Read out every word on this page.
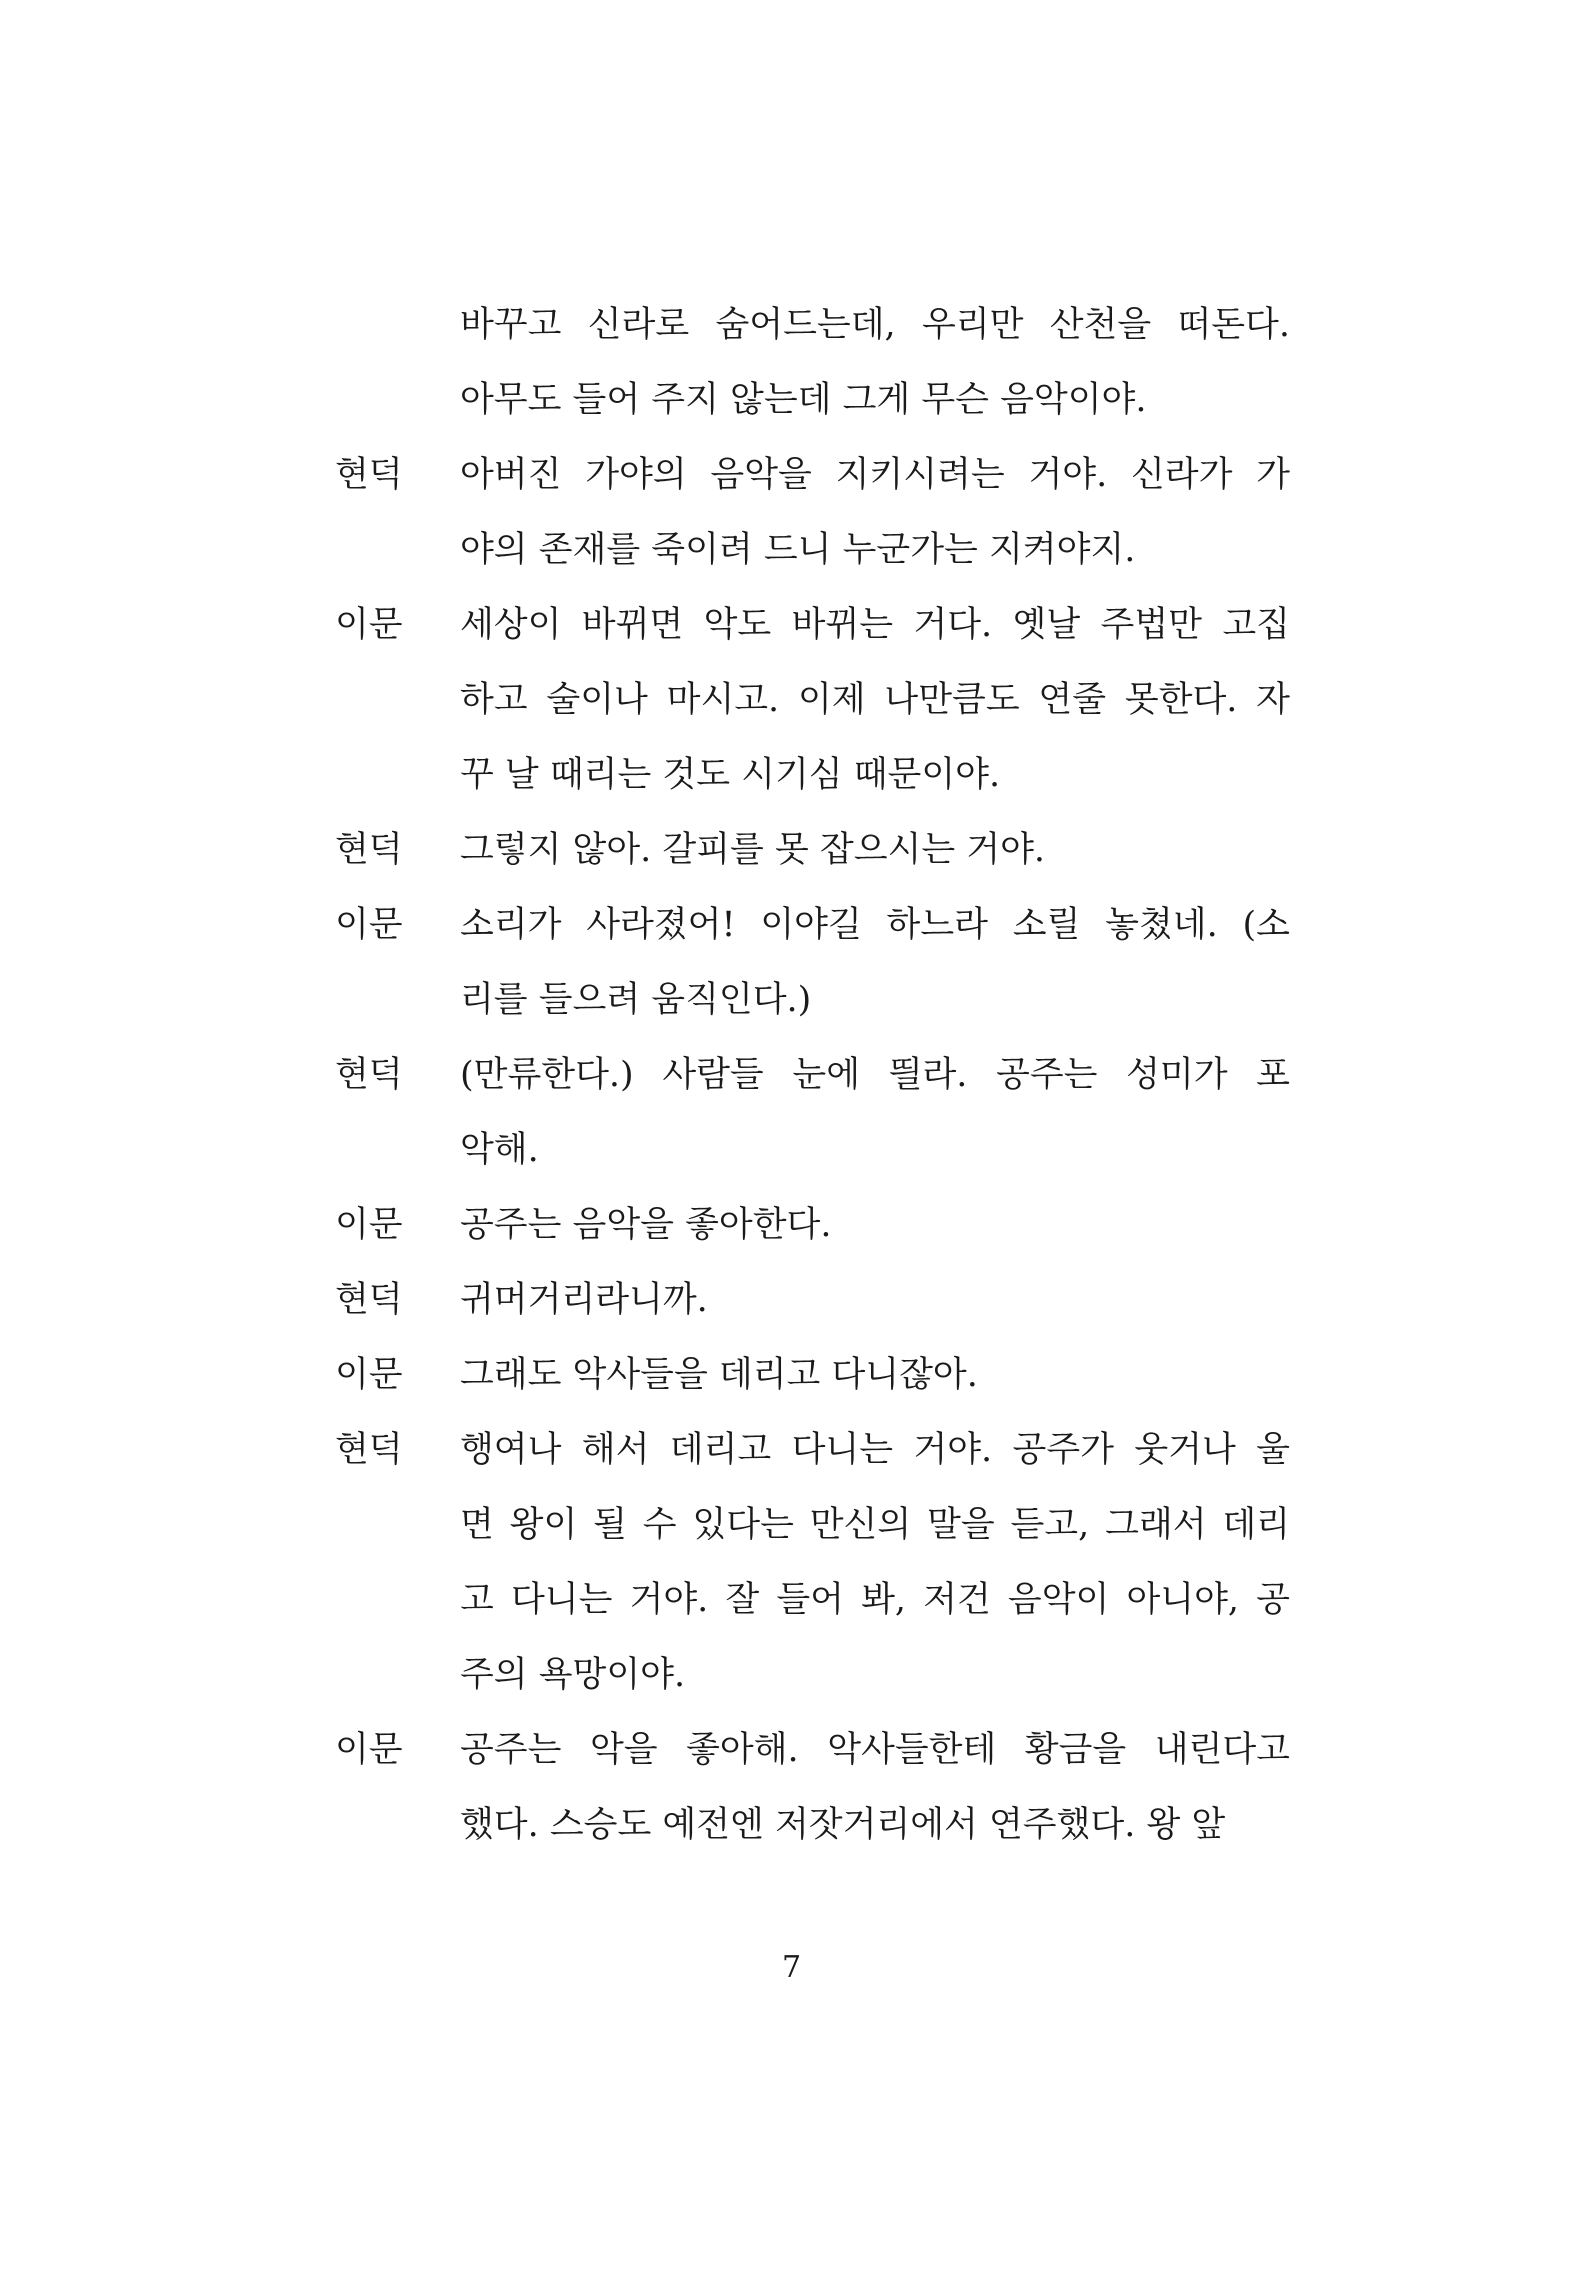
바꾸고 신라로 숨어드는데, 우리만 산천을 떠돈다.
아무도 들어 주지 않는데 그게 무슨 음악이야.
현덕	아버진 가야의 음악을 지키시려는 거야. 신라가 가
야의 존재를 죽이려 드니 누군가는 지켜야지.
이문	세상이 바뀌면 악도 바뀌는 거다. 옛날 주법만 고집
하고 술이나 마시고. 이제 나만큼도 연줄 못한다. 자
꾸 날 때리는 것도 시기심 때문이야.
현덕	그렇지 않아. 갈피를 못 잡으시는 거야.
이문	소리가 사라졌어! 이야길 하느라 소릴 놓쳤네. (소
리를 들으려 움직인다.)
현덕	(만류한다.) 사람들 눈에 띌라. 공주는 성미가 포
악해.
이문	공주는 음악을 좋아한다.
현덕	귀머거리라니까.
이문	그래도 악사들을 데리고 다니잖아.
현덕	행여나 해서 데리고 다니는 거야. 공주가 웃거나 울
면 왕이 될 수 있다는 만신의 말을 듣고, 그래서 데리
고 다니는 거야. 잘 들어 봐, 저건 음악이 아니야, 공
주의 욕망이야.
이문	공주는 악을 좋아해. 악사들한테 황금을 내린다고
했다. 스승도 예전엔 저잣거리에서 연주했다. 왕 앞
7
